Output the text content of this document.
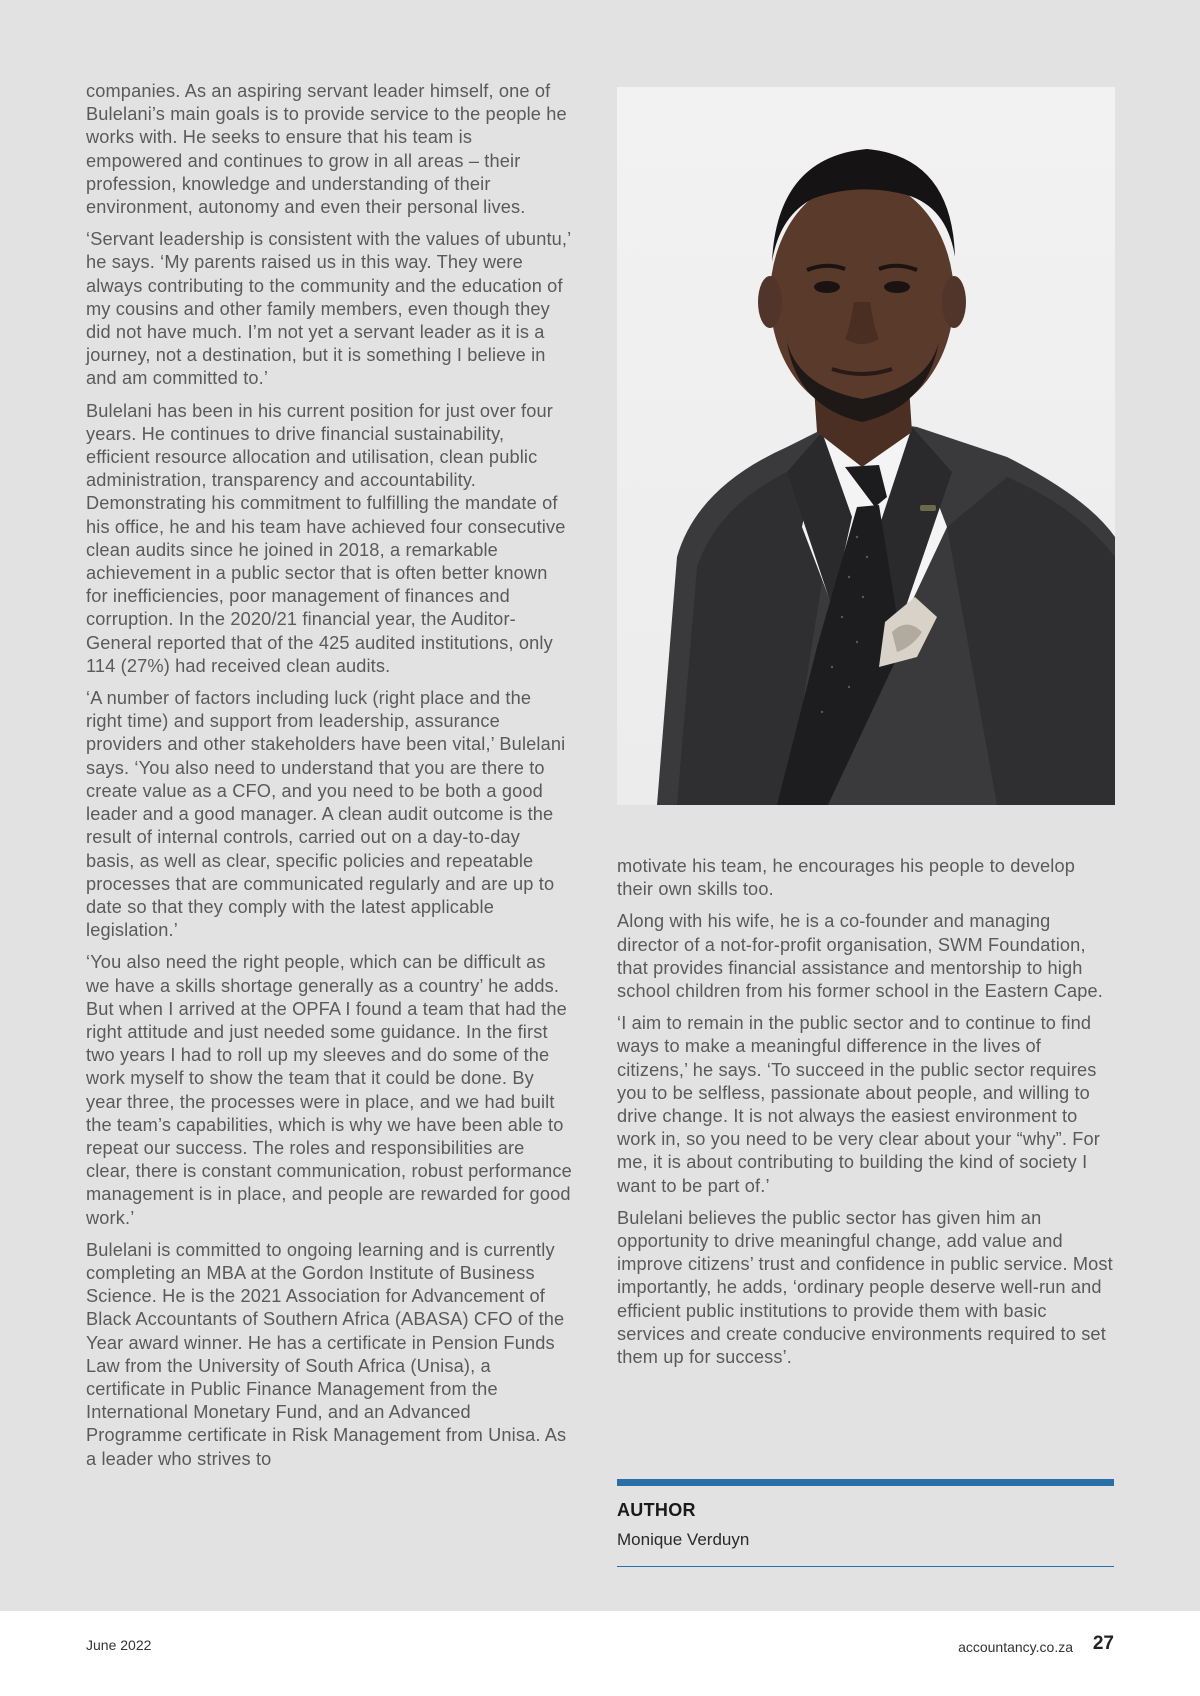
companies. As an aspiring servant leader himself, one of Bulelani’s main goals is to provide service to the people he works with. He seeks to ensure that his team is empowered and continues to grow in all areas – their profession, knowledge and understanding of their environment, autonomy and even their personal lives.

‘Servant leadership is consistent with the values of ubuntu,’ he says. ‘My parents raised us in this way. They were always contributing to the community and the education of my cousins and other family members, even though they did not have much. I’m not yet a servant leader as it is a journey, not a destination, but it is something I believe in and am committed to.’

Bulelani has been in his current position for just over four years. He continues to drive financial sustainability, efficient resource allocation and utilisation, clean public administration, transparency and accountability. Demonstrating his commitment to fulfilling the mandate of his office, he and his team have achieved four consecutive clean audits since he joined in 2018, a remarkable achievement in a public sector that is often better known for inefficiencies, poor management of finances and corruption. In the 2020/21 financial year, the Auditor-General reported that of the 425 audited institutions, only 114 (27%) had received clean audits.

‘A number of factors including luck (right place and the right time) and support from leadership, assurance providers and other stakeholders have been vital,’ Bulelani says. ‘You also need to understand that you are there to create value as a CFO, and you need to be both a good leader and a good manager. A clean audit outcome is the result of internal controls, carried out on a day-to-day basis, as well as clear, specific policies and repeatable processes that are communicated regularly and are up to date so that they comply with the latest applicable legislation.’

‘You also need the right people, which can be difficult as we have a skills shortage generally as a country’ he adds. But when I arrived at the OPFA I found a team that had the right attitude and just needed some guidance. In the first two years I had to roll up my sleeves and do some of the work myself to show the team that it could be done. By year three, the processes were in place, and we had built the team’s capabilities, which is why we have been able to repeat our success. The roles and responsibilities are clear, there is constant communication, robust performance management is in place, and people are rewarded for good work.’

Bulelani is committed to ongoing learning and is currently completing an MBA at the Gordon Institute of Business Science. He is the 2021 Association for Advancement of Black Accountants of Southern Africa (ABASA) CFO of the Year award winner. He has a certificate in Pension Funds Law from the University of South Africa (Unisa), a certificate in Public Finance Management from the International Monetary Fund, and an Advanced Programme certificate in Risk Management from Unisa. As a leader who strives to

motivate his team, he encourages his people to develop their own skills too.

Along with his wife, he is a co-founder and managing director of a not-for-profit organisation, SWM Foundation, that provides financial assistance and mentorship to high school children from his former school in the Eastern Cape.

‘I aim to remain in the public sector and to continue to find ways to make a meaningful difference in the lives of citizens,’ he says. ‘To succeed in the public sector requires you to be selfless, passionate about people, and willing to drive change. It is not always the easiest environment to work in, so you need to be very clear about your “why”. For me, it is about contributing to building the kind of society I want to be part of.’

Bulelani believes the public sector has given him an opportunity to drive meaningful change, add value and improve citizens’ trust and confidence in public service. Most importantly, he adds, ‘ordinary people deserve well-run and efficient public institutions to provide them with basic services and create conducive environments required to set them up for success’.

AUTHOR
Monique Verduyn
June 2022	accountancy.co.za 27
